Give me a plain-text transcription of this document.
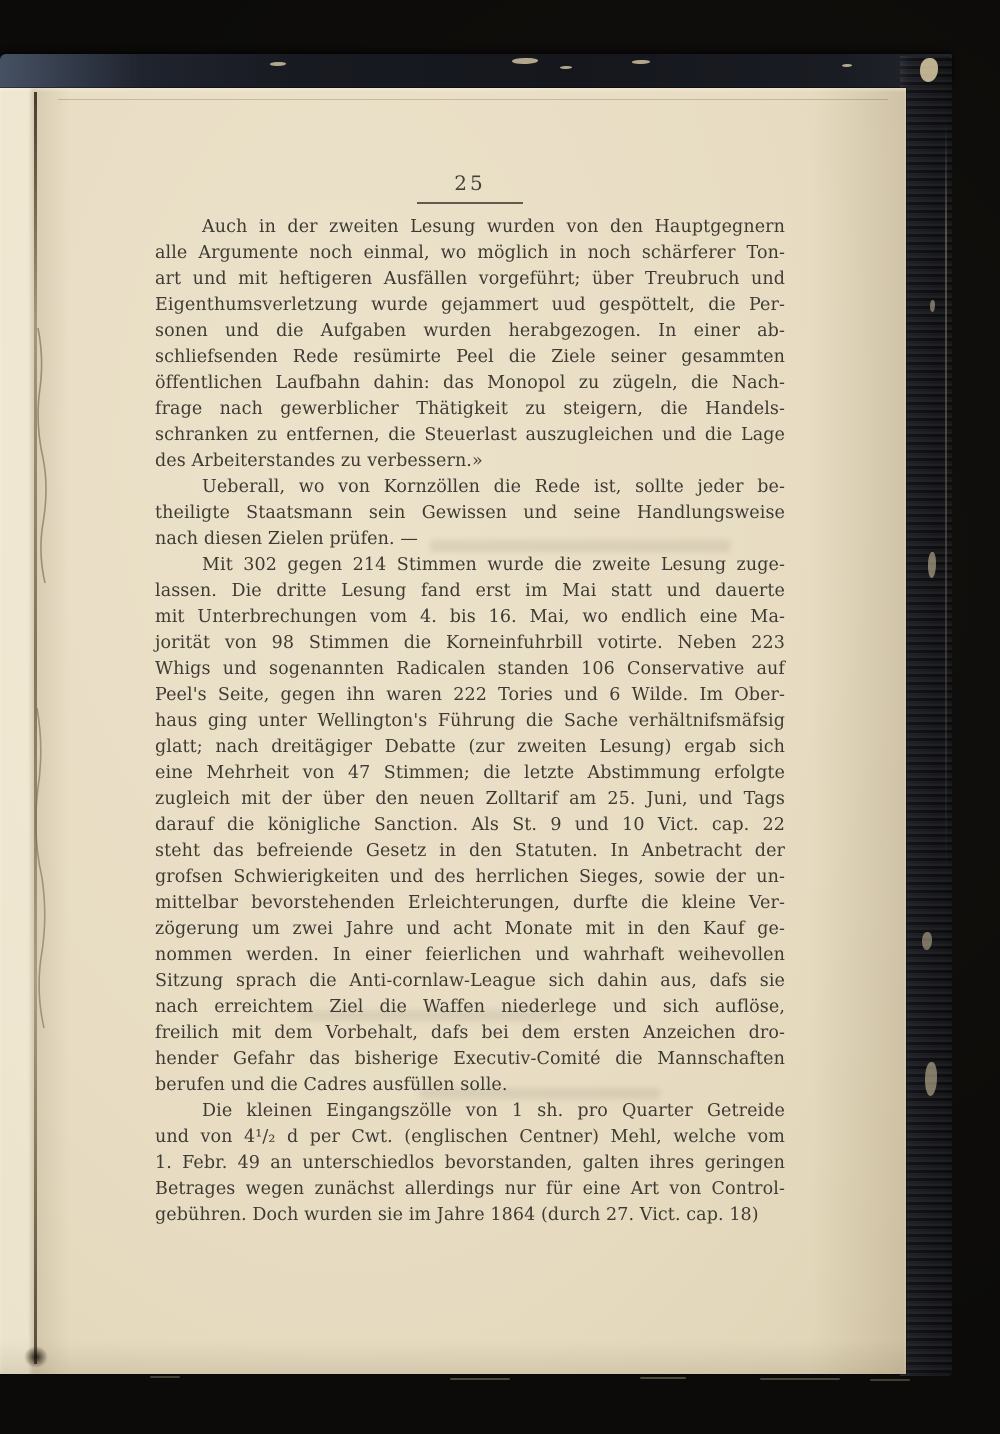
25
Auch in der zweiten Lesung wurden von den Hauptgegnern
alle Argumente noch einmal, wo möglich in noch schärferer Ton-
art und mit heftigeren Ausfällen vorgeführt; über Treubruch und
Eigenthumsverletzung wurde gejammert uud gespöttelt, die Per-
sonen und die Aufgaben wurden herabgezogen. In einer ab-
schliefsenden Rede resümirte Peel die Ziele seiner gesammten
öffentlichen Laufbahn dahin: das Monopol zu zügeln, die Nach-
frage nach gewerblicher Thätigkeit zu steigern, die Handels-
schranken zu entfernen, die Steuerlast auszugleichen und die Lage
des Arbeiterstandes zu verbessern.»
Ueberall, wo von Kornzöllen die Rede ist, sollte jeder be-
theiligte Staatsmann sein Gewissen und seine Handlungsweise
nach diesen Zielen prüfen. —
Mit 302 gegen 214 Stimmen wurde die zweite Lesung zuge-
lassen. Die dritte Lesung fand erst im Mai statt und dauerte
mit Unterbrechungen vom 4. bis 16. Mai, wo endlich eine Ma-
jorität von 98 Stimmen die Korneinfuhrbill votirte. Neben 223
Whigs und sogenannten Radicalen standen 106 Conservative auf
Peel's Seite, gegen ihn waren 222 Tories und 6 Wilde. Im Ober-
haus ging unter Wellington's Führung die Sache verhältnifsmäfsig
glatt; nach dreitägiger Debatte (zur zweiten Lesung) ergab sich
eine Mehrheit von 47 Stimmen; die letzte Abstimmung erfolgte
zugleich mit der über den neuen Zolltarif am 25. Juni, und Tags
darauf die königliche Sanction. Als St. 9 und 10 Vict. cap. 22
steht das befreiende Gesetz in den Statuten. In Anbetracht der
grofsen Schwierigkeiten und des herrlichen Sieges, sowie der un-
mittelbar bevorstehenden Erleichterungen, durfte die kleine Ver-
zögerung um zwei Jahre und acht Monate mit in den Kauf ge-
nommen werden. In einer feierlichen und wahrhaft weihevollen
Sitzung sprach die Anti-cornlaw-League sich dahin aus, dafs sie
nach erreichtem Ziel die Waffen niederlege und sich auflöse,
freilich mit dem Vorbehalt, dafs bei dem ersten Anzeichen dro-
hender Gefahr das bisherige Executiv-Comité die Mannschaften
berufen und die Cadres ausfüllen solle.
Die kleinen Eingangszölle von 1 sh. pro Quarter Getreide
und von 4¹/₂ d per Cwt. (englischen Centner) Mehl, welche vom
1. Febr. 49 an unterschiedlos bevorstanden, galten ihres geringen
Betrages wegen zunächst allerdings nur für eine Art von Control-
gebühren. Doch wurden sie im Jahre 1864 (durch 27. Vict. cap. 18)
